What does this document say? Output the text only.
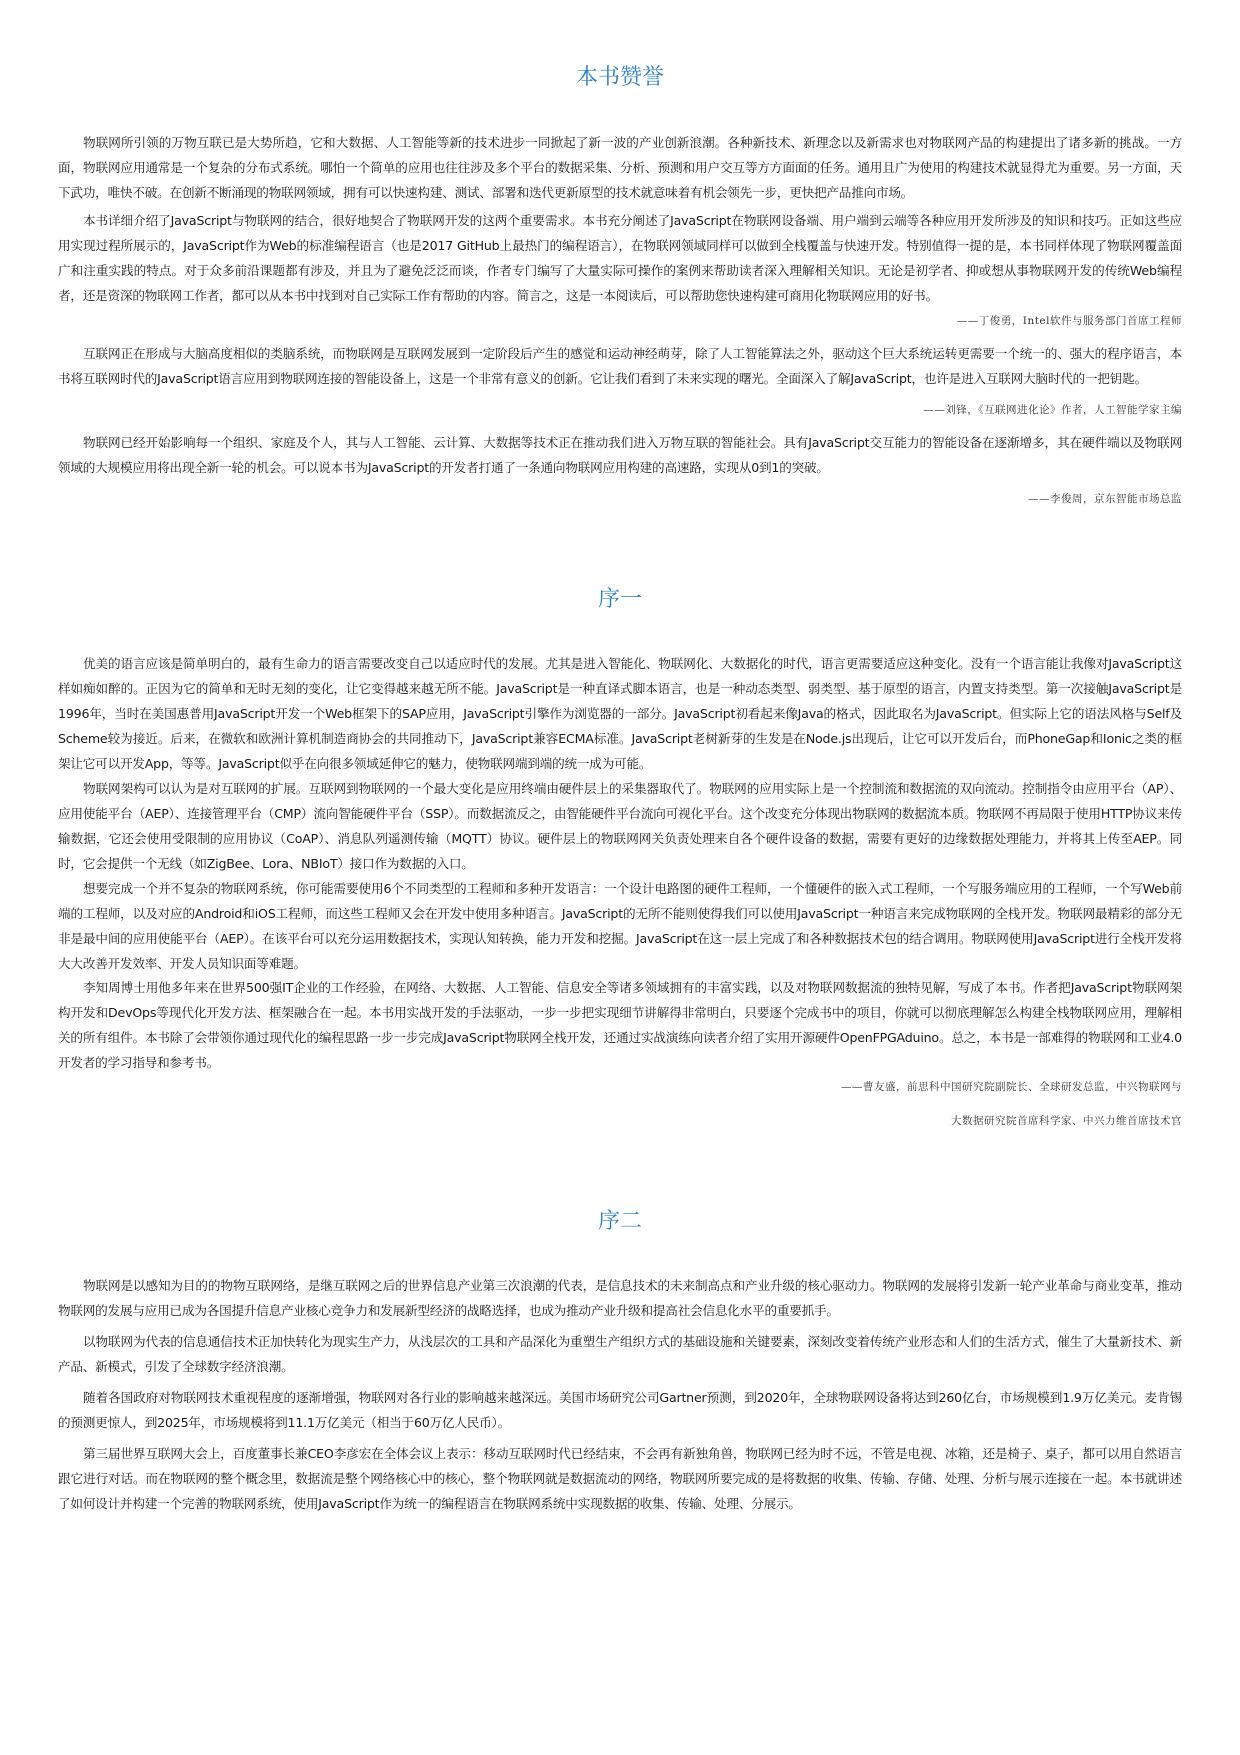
本书赞誉

物联网所引领的万物互联已是大势所趋，它和大数据、人工智能等新的技术进步一同掀起了新一波的产业创新浪潮。各种新技术、新理念以及新需求也对物联网产品的构建提出了诸多新的挑战。一方面，物联网应用通常是一个复杂的分布式系统。哪怕一个简单的应用也往往涉及多个平台的数据采集、分析、预测和用户交互等方方面面的任务。通用且广为使用的构建技术就显得尤为重要。另一方面，天下武功，唯快不破。在创新不断涌现的物联网领域，拥有可以快速构建、测试、部署和迭代更新原型的技术就意味着有机会领先一步，更快把产品推向市场。

本书详细介绍了JavaScript与物联网的结合，很好地契合了物联网开发的这两个重要需求。本书充分阐述了JavaScript在物联网设备端、用户端到云端等各种应用开发所涉及的知识和技巧。正如这些应用实现过程所展示的，JavaScript作为Web的标准编程语言（也是2017 GitHub上最热门的编程语言），在物联网领域同样可以做到全栈覆盖与快速开发。特别值得一提的是，本书同样体现了物联网覆盖面广和注重实践的特点。对于众多前沿课题都有涉及，并且为了避免泛泛而谈，作者专门编写了大量实际可操作的案例来帮助读者深入理解相关知识。无论是初学者、抑或想从事物联网开发的传统Web编程者，还是资深的物联网工作者，都可以从本书中找到对自己实际工作有帮助的内容。简言之，这是一本阅读后，可以帮助您快速构建可商用化物联网应用的好书。

——丁俊勇，Intel软件与服务部门首席工程师

互联网正在形成与大脑高度相似的类脑系统，而物联网是互联网发展到一定阶段后产生的感觉和运动神经萌芽，除了人工智能算法之外，驱动这个巨大系统运转更需要一个统一的、强大的程序语言，本书将互联网时代的JavaScript语言应用到物联网连接的智能设备上，这是一个非常有意义的创新。它让我们看到了未来实现的曙光。全面深入了解JavaScript，也许是进入互联网大脑时代的一把钥匙。

——刘锋，《互联网进化论》作者，人工智能学家主编

物联网已经开始影响每一个组织、家庭及个人，其与人工智能、云计算、大数据等技术正在推动我们进入万物互联的智能社会。具有JavaScript交互能力的智能设备在逐渐增多，其在硬件端以及物联网领域的大规模应用将出现全新一轮的机会。可以说本书为JavaScript的开发者打通了一条通向物联网应用构建的高速路，实现从0到1的突破。

——李俊周，京东智能市场总监
序一

优美的语言应该是简单明白的，最有生命力的语言需要改变自己以适应时代的发展。尤其是进入智能化、物联网化、大数据化的时代，语言更需要适应这种变化。没有一个语言能让我像对JavaScript这样如痴如醉的。正因为它的简单和无时无刻的变化，让它变得越来越无所不能。JavaScript是一种直译式脚本语言，也是一种动态类型、弱类型、基于原型的语言，内置支持类型。第一次接触JavaScript是1996年，当时在美国惠普用JavaScript开发一个Web框架下的SAP应用，JavaScript引擎作为浏览器的一部分。JavaScript初看起来像Java的格式，因此取名为JavaScript。但实际上它的语法风格与Self及Scheme较为接近。后来，在微软和欧洲计算机制造商协会的共同推动下，JavaScript兼容ECMA标准。JavaScript老树新芽的生发是在Node.js出现后，让它可以开发后台，而PhoneGap和Ionic之类的框架让它可以开发App，等等。JavaScript似乎在向很多领域延伸它的魅力，使物联网端到端的统一成为可能。

物联网架构可以认为是对互联网的扩展。互联网到物联网的一个最大变化是应用终端由硬件层上的采集器取代了。物联网的应用实际上是一个控制流和数据流的双向流动。控制指令由应用平台（AP）、应用使能平台（AEP）、连接管理平台（CMP）流向智能硬件平台（SSP）。而数据流反之，由智能硬件平台流向可视化平台。这个改变充分体现出物联网的数据流本质。物联网不再局限于使用HTTP协议来传输数据，它还会使用受限制的应用协议（CoAP）、消息队列遥测传输（MQTT）协议。硬件层上的物联网网关负责处理来自各个硬件设备的数据，需要有更好的边缘数据处理能力，并将其上传至AEP。同时，它会提供一个无线（如ZigBee、Lora、NBIoT）接口作为数据的入口。

想要完成一个并不复杂的物联网系统，你可能需要使用6个不同类型的工程师和多种开发语言：一个设计电路图的硬件工程师，一个懂硬件的嵌入式工程师，一个写服务端应用的工程师，一个写Web前端的工程师，以及对应的Android和iOS工程师，而这些工程师又会在开发中使用多种语言。JavaScript的无所不能则使得我们可以使用JavaScript一种语言来完成物联网的全栈开发。物联网最精彩的部分无非是最中间的应用使能平台（AEP）。在该平台可以充分运用数据技术，实现认知转换，能力开发和挖掘。JavaScript在这一层上完成了和各种数据技术包的结合调用。物联网使用JavaScript进行全栈开发将大大改善开发效率、开发人员知识面等难题。

李知周博士用他多年来在世界500强IT企业的工作经验，在网络、大数据、人工智能、信息安全等诸多领域拥有的丰富实践，以及对物联网数据流的独特见解，写成了本书。作者把JavaScript物联网架构开发和DevOps等现代化开发方法、框架融合在一起。本书用实战开发的手法驱动，一步一步把实现细节讲解得非常明白，只要逐个完成书中的项目，你就可以彻底理解怎么构建全栈物联网应用，理解相关的所有组件。本书除了会带领你通过现代化的编程思路一步一步完成JavaScript物联网全栈开发，还通过实战演练向读者介绍了实用开源硬件OpenFPGAduino。总之，本书是一部难得的物联网和工业4.0开发者的学习指导和参考书。

——曹友盛，前思科中国研究院副院长、全球研发总监，中兴物联网与
大数据研究院首席科学家、中兴力维首席技术官
序二

物联网是以感知为目的的物物互联网络，是继互联网之后的世界信息产业第三次浪潮的代表，是信息技术的未来制高点和产业升级的核心驱动力。物联网的发展将引发新一轮产业革命与商业变革，推动物联网的发展与应用已成为各国提升信息产业核心竞争力和发展新型经济的战略选择，也成为推动产业升级和提高社会信息化水平的重要抓手。

以物联网为代表的信息通信技术正加快转化为现实生产力，从浅层次的工具和产品深化为重塑生产组织方式的基础设施和关键要素，深刻改变着传统产业形态和人们的生活方式，催生了大量新技术、新产品、新模式，引发了全球数字经济浪潮。

随着各国政府对物联网技术重视程度的逐渐增强，物联网对各行业的影响越来越深远。美国市场研究公司Gartner预测，到2020年，全球物联网设备将达到260亿台，市场规模到1.9万亿美元。麦肯锡的预测更惊人，到2025年，市场规模将到11.1万亿美元（相当于60万亿人民币）。

第三届世界互联网大会上，百度董事长兼CEO李彦宏在全体会议上表示：移动互联网时代已经结束，不会再有新独角兽，物联网已经为时不远，不管是电视、冰箱，还是椅子、桌子，都可以用自然语言跟它进行对话。而在物联网的整个概念里，数据流是整个网络核心中的核心，整个物联网就是数据流动的网络，物联网所要完成的是将数据的收集、传输、存储、处理、分析与展示连接在一起。本书就讲述了如何设计并构建一个完善的物联网系统，使用JavaScript作为统一的编程语言在物联网系统中实现数据的收集、传输、处理、分展示。
